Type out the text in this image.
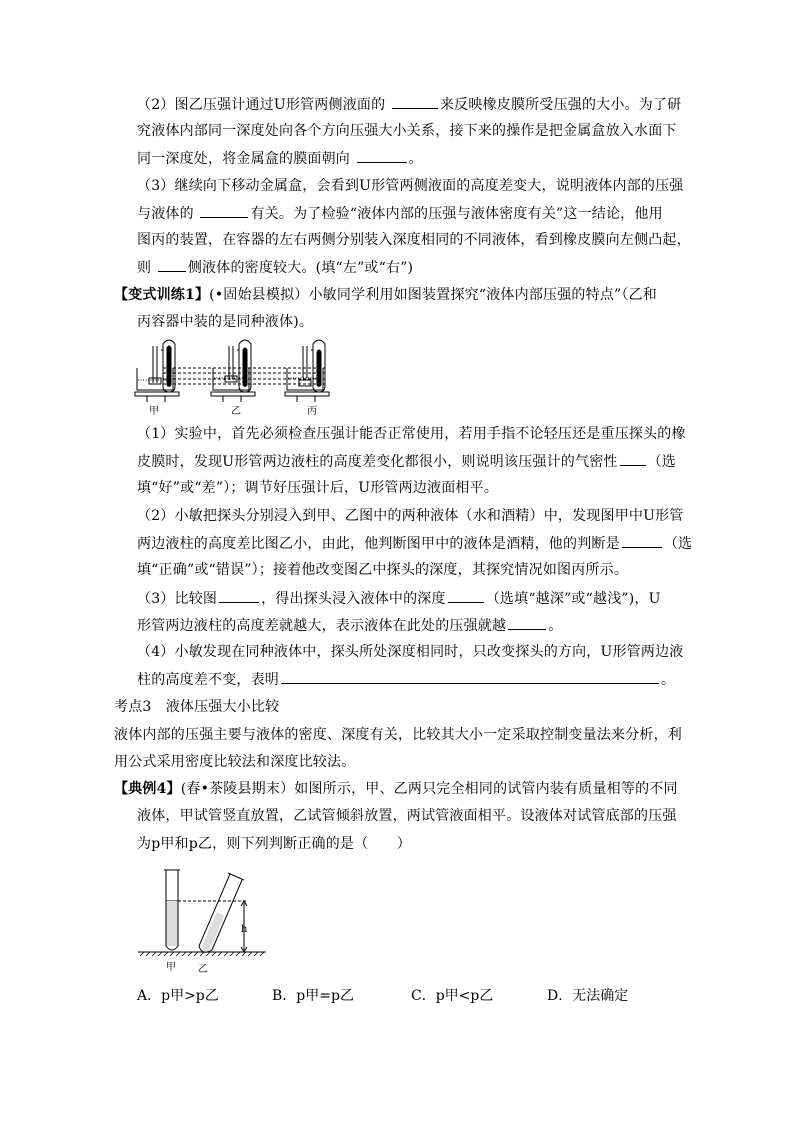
（2）图乙压强计通过U形管两侧液面的	来反映橡皮膜所受压强的大小。为了研
究液体内部同一深度处向各个方向压强大小关系，接下来的操作是把金属盒放入水面下
同一深度处，将金属盒的膜面朝向	。
（3）继续向下移动金属盒，会看到U形管两侧液面的高度差变大，说明液体内部的压强
与液体的	有关。为了检验“液体内部的压强与液体密度有关”这一结论，他用
图丙的装置，在容器的左右两侧分别装入深度相同的不同液体，看到橡皮膜向左侧凸起，
则	侧液体的密度较大。(填“左”或“右”)
【变式训练1】(•固始县模拟）小敏同学利用如图装置探究“液体内部压强的特点”（乙和
丙容器中装的是同种液体)。
甲	乙	丙
（1）实验中，首先必须检查压强计能否正常使用，若用手指不论轻压还是重压探头的橡
皮膜时，发现U形管两边液柱的高度差变化都很小，则说明该压强计的气密性 （选
填“好”或“差”）；调节好压强计后，U形管两边液面相平。
（2）小敏把探头分别浸入到甲、乙图中的两种液体（水和酒精）中，发现图甲中U形管
两边液柱的高度差比图乙小，由此，他判断图甲中的液体是酒精，他的判断是	（选
填“正确”或“错误”）；接着他改变图乙中探头的深度，其探究情况如图丙所示。
（3）比较图	，得出探头浸入液体中的深度	（选填“越深”或“越浅”)，U
形管两边液柱的高度差就越大，表示液体在此处的压强就越	。
（4）小敏发现在同种液体中，探头所处深度相同时，只改变探头的方向，U形管两边液
柱的高度差不变，表明	。
考点3　液体压强大小比较
液体内部的压强主要与液体的密度、深度有关，比较其大小一定采取控制变量法来分析，利
用公式采用密度比较法和深度比较法。
【典例4】(春•茶陵县期末）如图所示，甲、乙两只完全相同的试管内装有质量相等的不同
液体，甲试管竖直放置，乙试管倾斜放置，两试管液面相平。设液体对试管底部的压强
为p甲和p乙，则下列判断正确的是（　　）
h
甲 乙
A．p甲>p乙	B．p甲=p乙	C．p甲<p乙	D．无法确定
